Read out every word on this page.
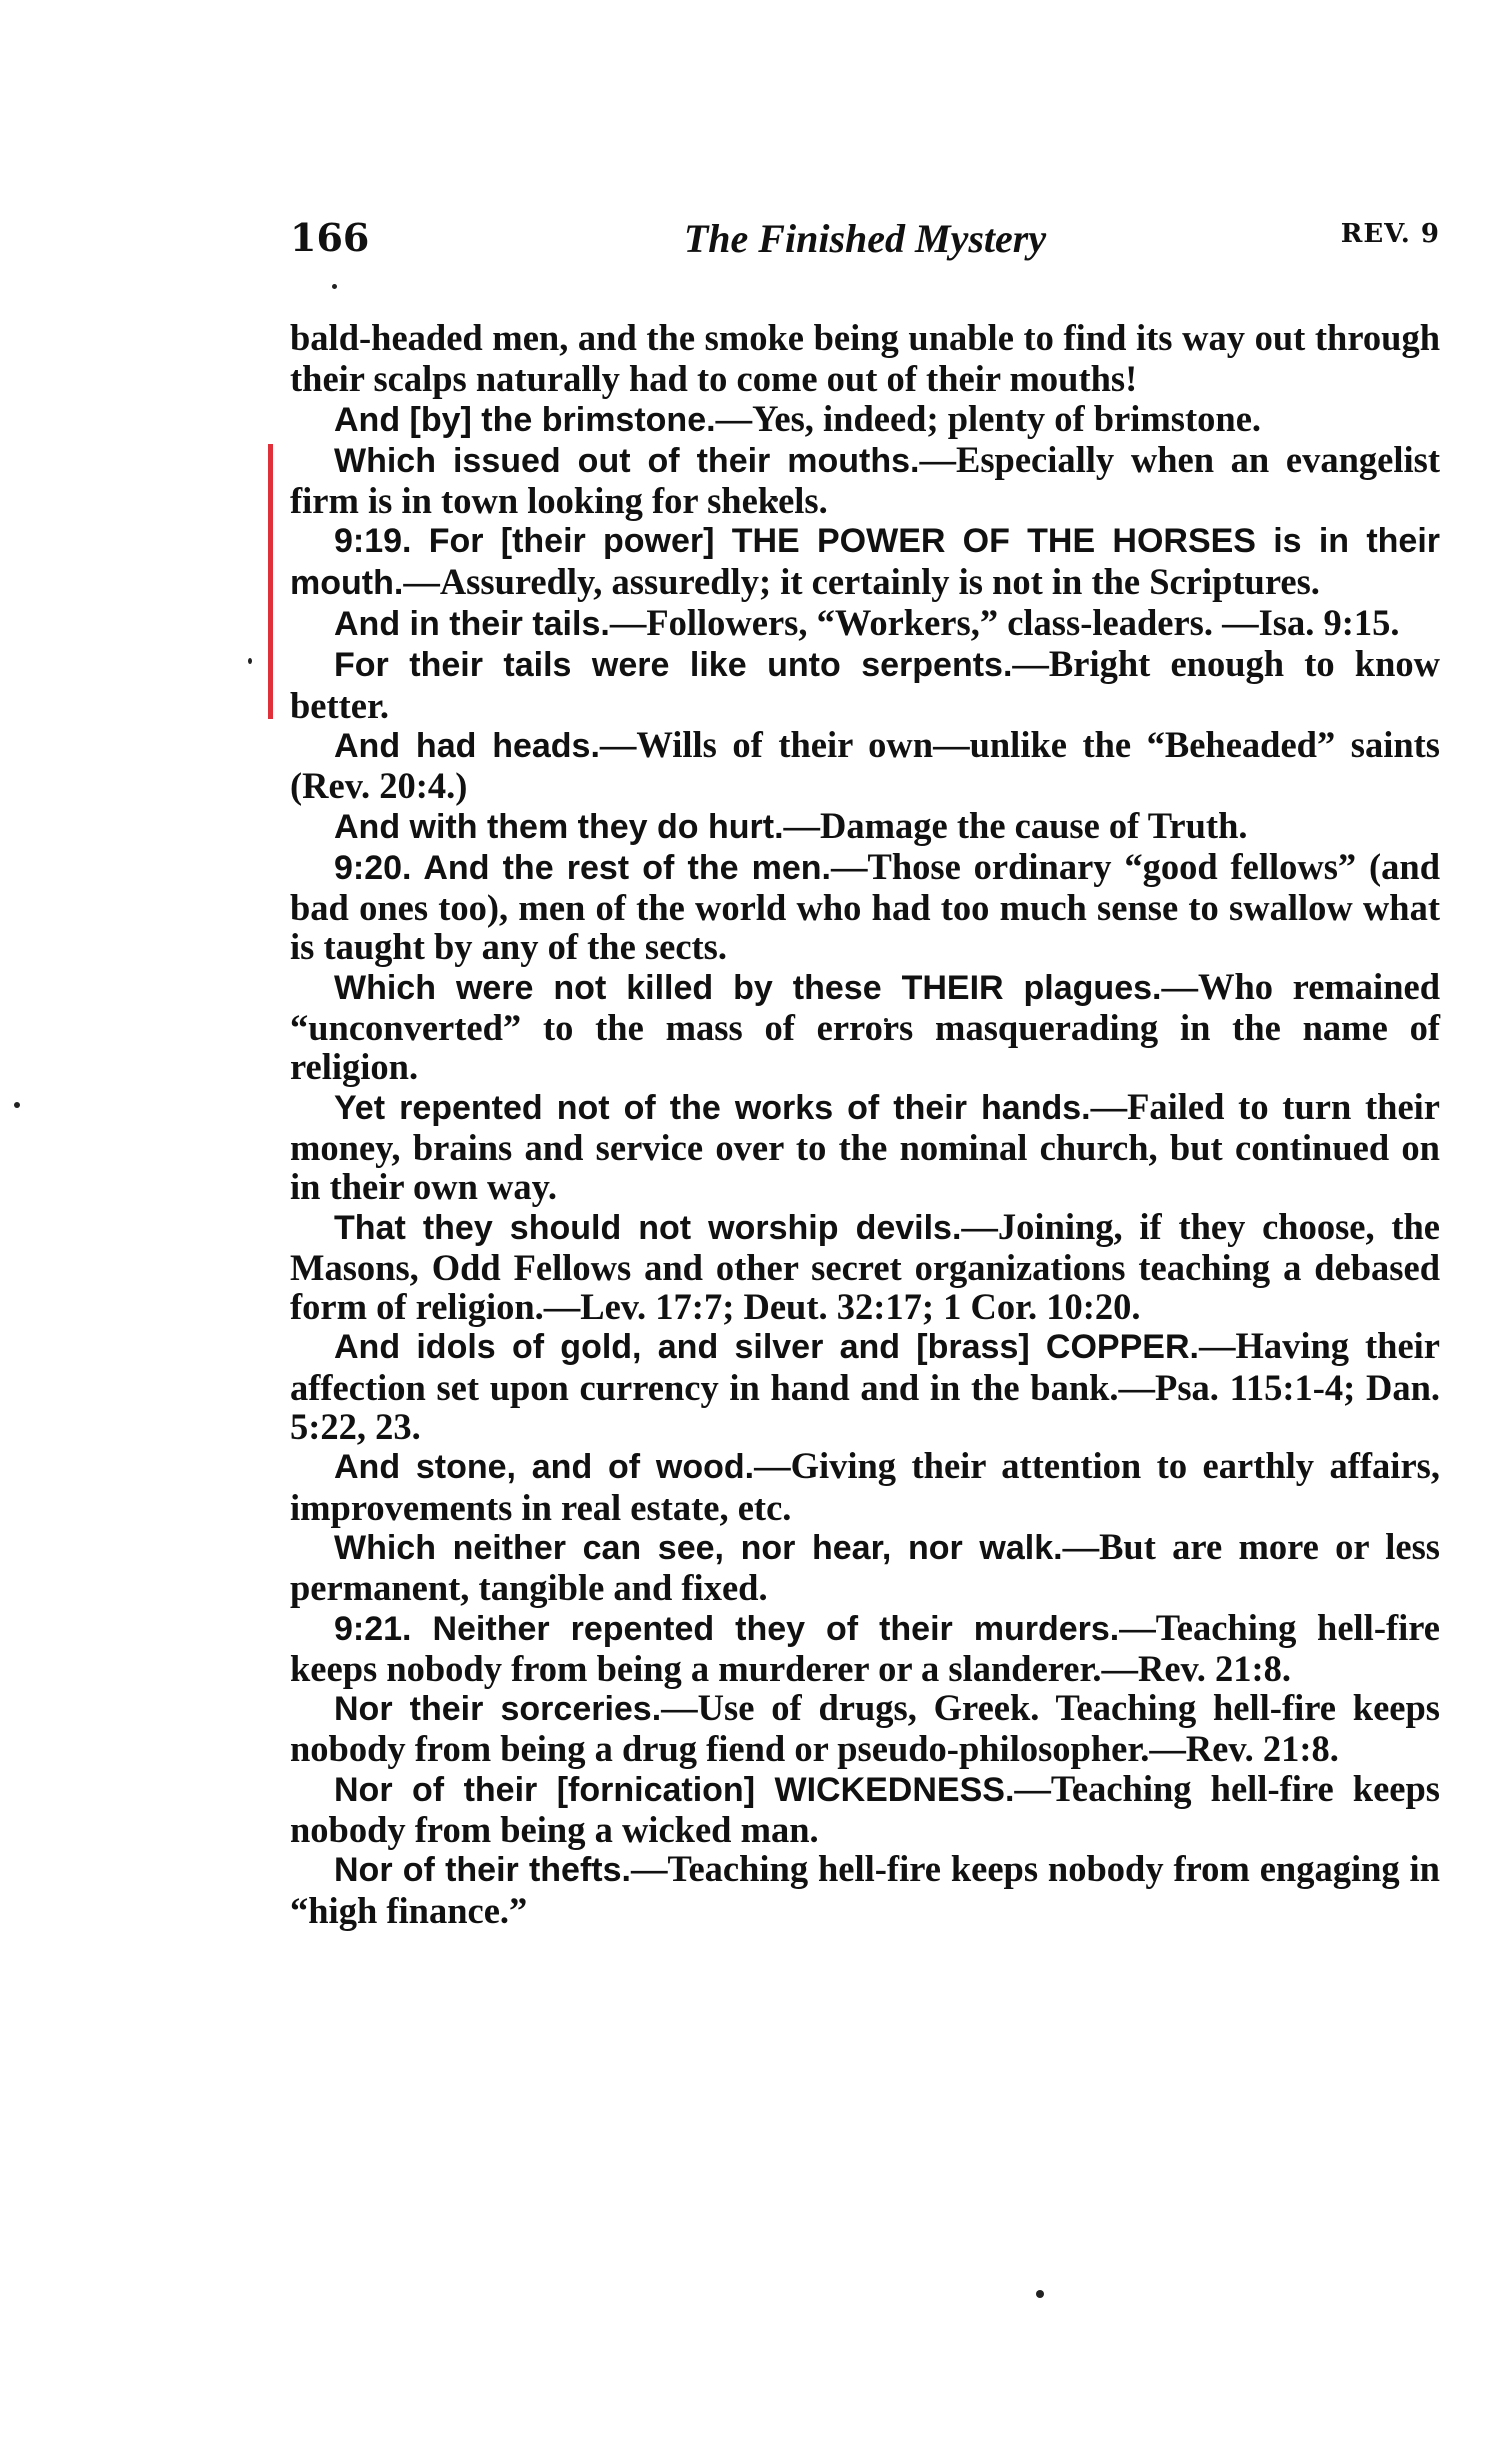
166	The Finished Mystery	REV. 9

bald-headed men, and the smoke being unable to find its way out through their scalps naturally had to come out of their mouths!

And [by] the brimstone.—Yes, indeed; plenty of brimstone.

Which issued out of their mouths.—Especially when an evangelist firm is in town looking for shekels.

9:19. For [their power] THE POWER OF THE HORSES is in their mouth.—Assuredly, assuredly; it certainly is not in the Scriptures.

And in their tails.—Followers, “Workers,” class-leaders. —Isa. 9:15.

For their tails were like unto serpents.—Bright enough to know better.

And had heads.—Wills of their own—unlike the “Beheaded” saints (Rev. 20:4.)

And with them they do hurt.—Damage the cause of Truth.

9:20. And the rest of the men.—Those ordinary “good fellows” (and bad ones too), men of the world who had too much sense to swallow what is taught by any of the sects.

Which were not killed by these THEIR plagues.—Who remained “unconverted” to the mass of errors masquerading in the name of religion.

Yet repented not of the works of their hands.—Failed to turn their money, brains and service over to the nominal church, but continued on in their own way.

That they should not worship devils.—Joining, if they choose, the Masons, Odd Fellows and other secret organizations teaching a debased form of religion.—Lev. 17:7; Deut. 32:17; 1 Cor. 10:20.

And idols of gold, and silver and [brass] COPPER.—Having their affection set upon currency in hand and in the bank.—Psa. 115:1-4; Dan. 5:22, 23.

And stone, and of wood.—Giving their attention to earthly affairs, improvements in real estate, etc.

Which neither can see, nor hear, nor walk.—But are more or less permanent, tangible and fixed.

9:21. Neither repented they of their murders.—Teaching hell-fire keeps nobody from being a murderer or a slanderer.—Rev. 21:8.

Nor their sorceries.—Use of drugs, Greek. Teaching hell-fire keeps nobody from being a drug fiend or pseudo-philosopher.—Rev. 21:8.

Nor of their [fornication] WICKEDNESS.—Teaching hell-fire keeps nobody from being a wicked man.

Nor of their thefts.—Teaching hell-fire keeps nobody from engaging in “high finance.”
